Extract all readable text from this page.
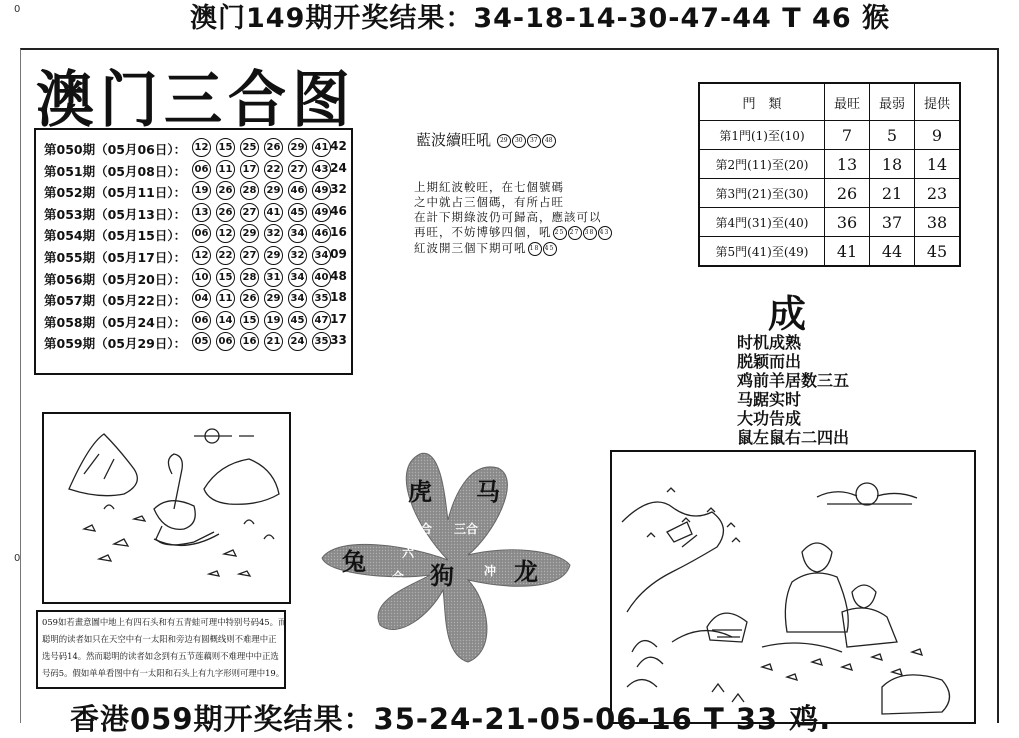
0
0
澳门149期开奖结果：34-18-14-30-47-44 T 46 猴
澳门三合图
第050期（05月06日）： 12 15 25 26 29 41 42
第051期（05月08日）： 06 11 17 22 27 43 24
第052期（05月11日）： 19 26 28 29 46 49 32
第053期（05月13日）： 13 26 27 41 45 49 46
第054期（05月15日）： 06 12 29 32 34 46 16
第055期（05月17日）： 12 22 27 29 32 34 09
第056期（05月20日）： 10 15 28 31 34 40 48
第057期（05月22日）： 04 11 26 29 34 35 18
第058期（05月24日）： 06 14 15 19 45 47 17
第059期（05月29日）： 05 06 16 21 24 35 33
藍波續旺吼 29 30 37 48
上期紅波較旺，在七個號碼
之中就占三個碼，有所占旺
在計下期綠波仍可歸高，應該可以
再旺，不妨博够四個，吼 25 27 38 43
紅波開三個下期可吼 18 45
門　類	最旺	最弱	提供
第1門(1)至(10)	7	5	9
第2門(11)至(20)	13	18	14
第3門(21)至(30)	26	21	23
第4門(31)至(40)	36	37	38
第5門(41)至(49)	41	44	45
成
时机成熟
脱颖而出
鸡前羊居数三五
马踞实时
大功告成
鼠左鼠右二四出
059如若畫意圖中地上有四石头和有五青蛙可理中特别号码45。而
聪明的读者如只在天空中有一太阳和旁边有圆概线则不难理中正
选号码14。然而聪明的读者如念到有五节莲藕则不难理中中正选
号码5。假如单单看图中有一太阳和石头上有九字形则可理中19。
虎 马
兔	狗	龙
三合 三合
六
合	冲
香港059期开奖结果：35-24-21-05-06-16 T 33 鸡.
